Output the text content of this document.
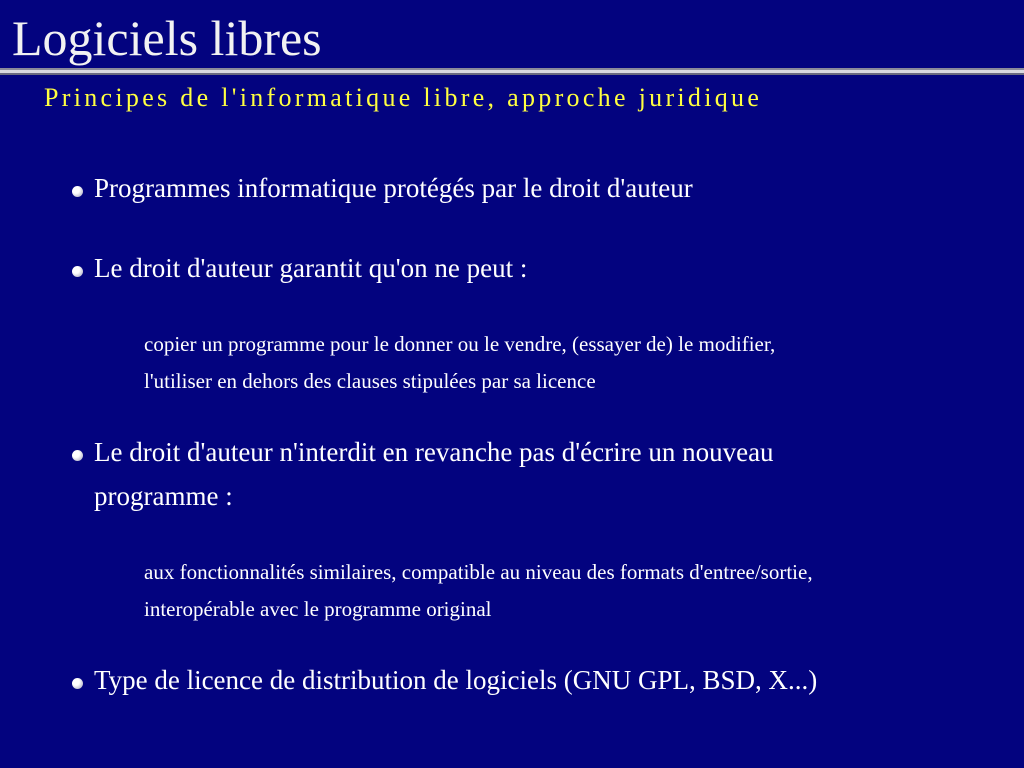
Logiciels libres
Principes de l'informatique libre, approche juridique
Programmes informatique protégés par le droit d'auteur
Le droit d'auteur garantit qu'on ne peut :
copier un programme pour le donner ou le vendre, (essayer de) le modifier,
l'utiliser en dehors des clauses stipulées par sa licence
Le droit d'auteur n'interdit en revanche pas d'écrire un nouveau programme :
aux fonctionnalités similaires, compatible au niveau des formats d'entree/sortie,
interopérable avec le programme original
Type de licence de distribution de logiciels (GNU GPL, BSD, X...)
